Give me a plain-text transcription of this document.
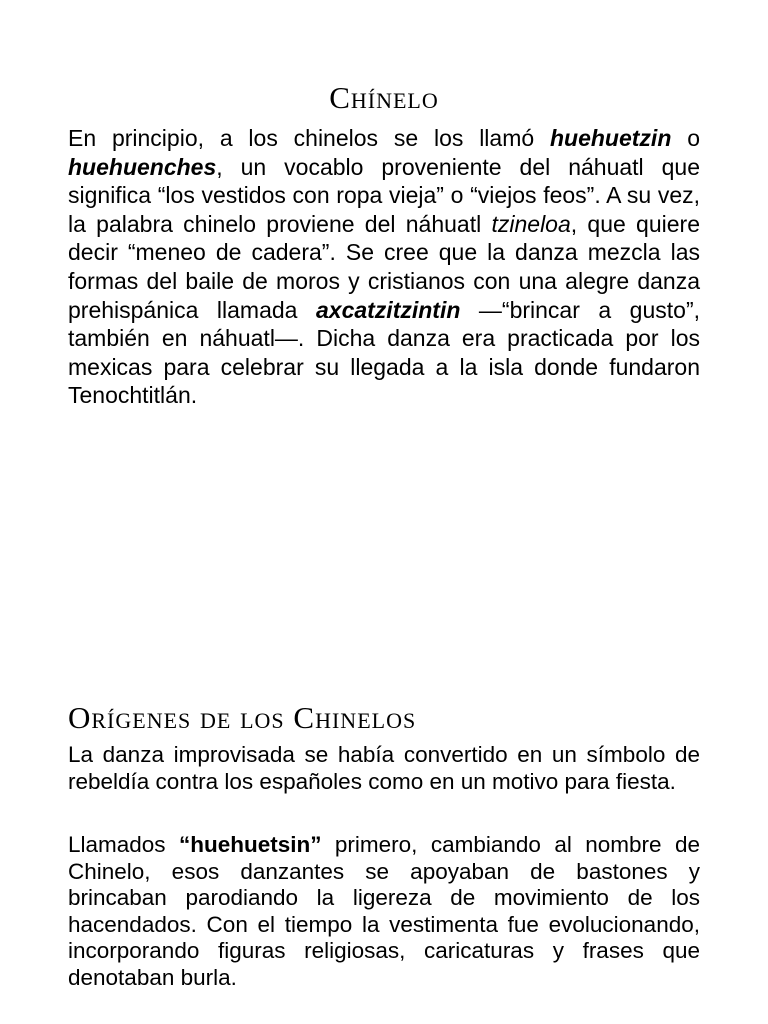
Chínelo

En principio, a los chinelos se los llamó huehuetzin o huehuenches, un vocablo proveniente del náhuatl que significa “los vestidos con ropa vieja” o “viejos feos”. A su vez, la palabra chinelo proviene del náhuatl tzineloa, que quiere decir “meneo de cadera”. Se cree que la danza mezcla las formas del baile de moros y cristianos con una alegre danza prehispánica llamada axcatzitzintin —“brincar a gusto”, también en náhuatl—. Dicha danza era practicada por los mexicas para celebrar su llegada a la isla donde fundaron Tenochtitlán.

Orígenes de los Chinelos

La danza improvisada se había convertido en un símbolo de rebeldía contra los españoles como en un motivo para fiesta.

Llamados “huehuetsin” primero, cambiando al nombre de Chinelo, esos danzantes se apoyaban de bastones y brincaban parodiando la ligereza de movimiento de los hacendados. Con el tiempo la vestimenta fue evolucionando, incorporando figuras religiosas, caricaturas y frases que denotaban burla.
